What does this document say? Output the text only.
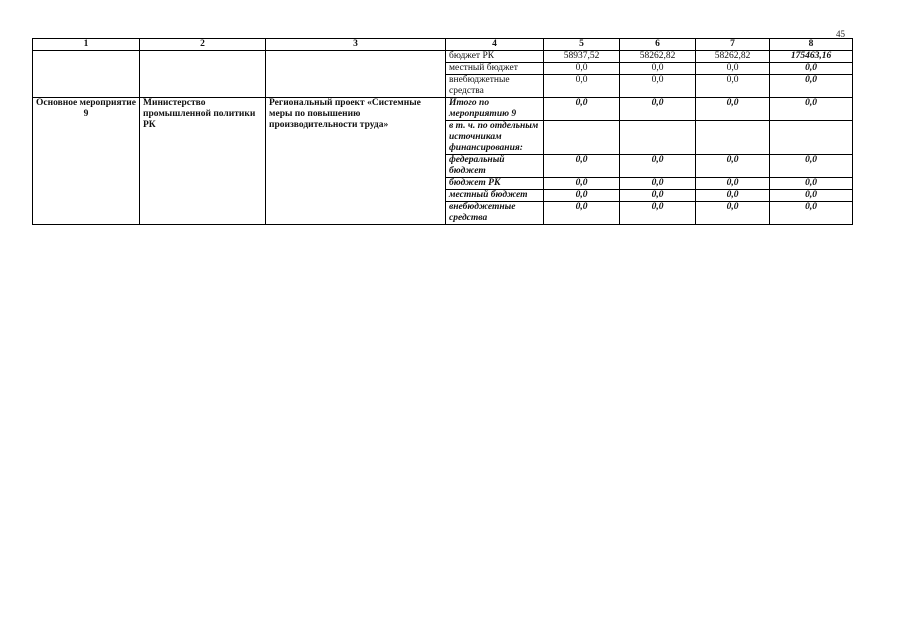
45
1	2	3	4	5	6	7	8
			бюджет РК	58937,52	58262,82	58262,82	175463,16
			местный бюджет	0,0	0,0	0,0	0,0
			внебюджетные средства	0,0	0,0	0,0	0,0
Основное мероприятие 9	Министерство промышленной политики РК	Региональный проект «Системные меры по повышению производительности труда»	Итого по мероприятию 9	0,0	0,0	0,0	0,0
			в т. ч. по отдельным источникам финансирования:				
			федеральный бюджет	0,0	0,0	0,0	0,0
			бюджет РК	0,0	0,0	0,0	0,0
			местный бюджет	0,0	0,0	0,0	0,0
			внебюджетные средства	0,0	0,0	0,0	0,0
